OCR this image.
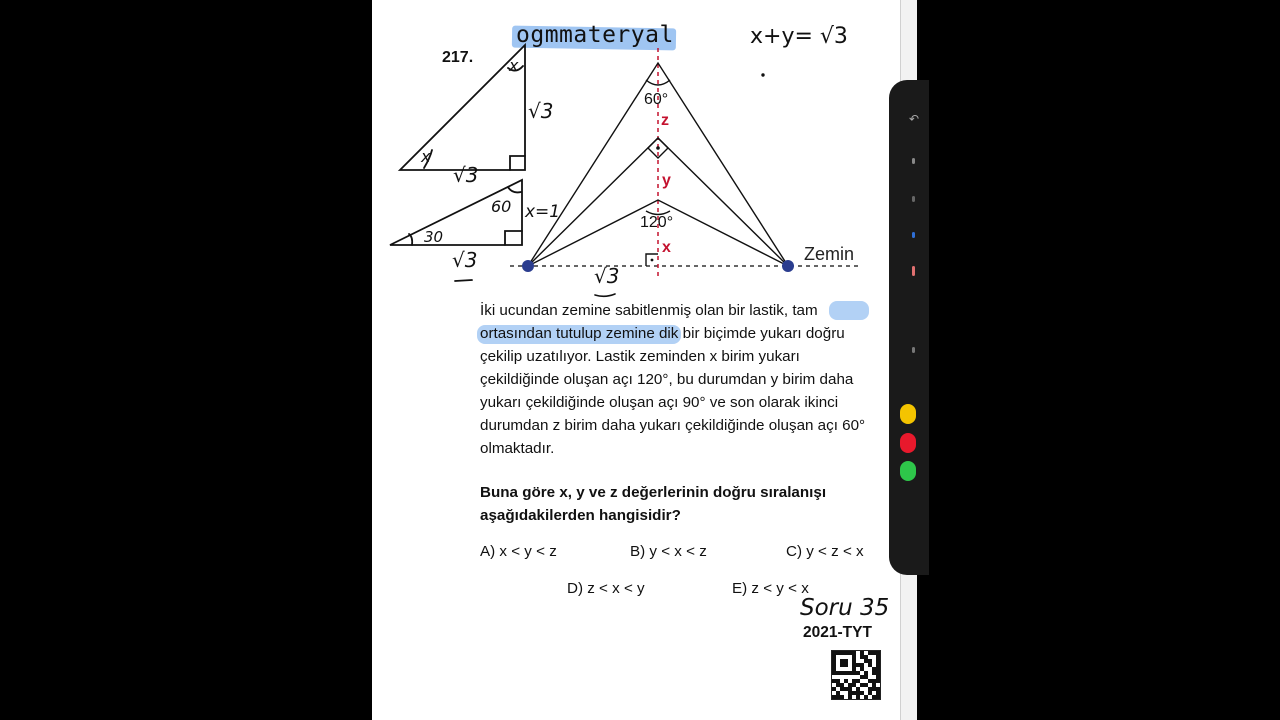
217.
ogmmateryal	x+y= √3
x
x
√3
√3
60
30
x=1
√3
√3
60°
120°
z
y
x	Zemin

İki ucundan zemine sabitlenmiş olan bir lastik, tam ortasından tutulup zemine dik bir biçimde yukarı doğru çekilip uzatılıyor. Lastik zeminden x birim yukarı çekildiğinde oluşan açı 120°, bu durumdan y birim daha yukarı çekildiğinde oluşan açı 90° ve son olarak ikinci durumdan z birim daha yukarı çekildiğinde oluşan açı 60° olmaktadır.

Buna göre x, y ve z değerlerinin doğru sıralanışı aşağıdakilerden hangisidir?

A) x < y < z	B) y < x < z	C) y < z < x
D) z < x < y	E) z < y < x
Soru 35
2021-TYT
↶
